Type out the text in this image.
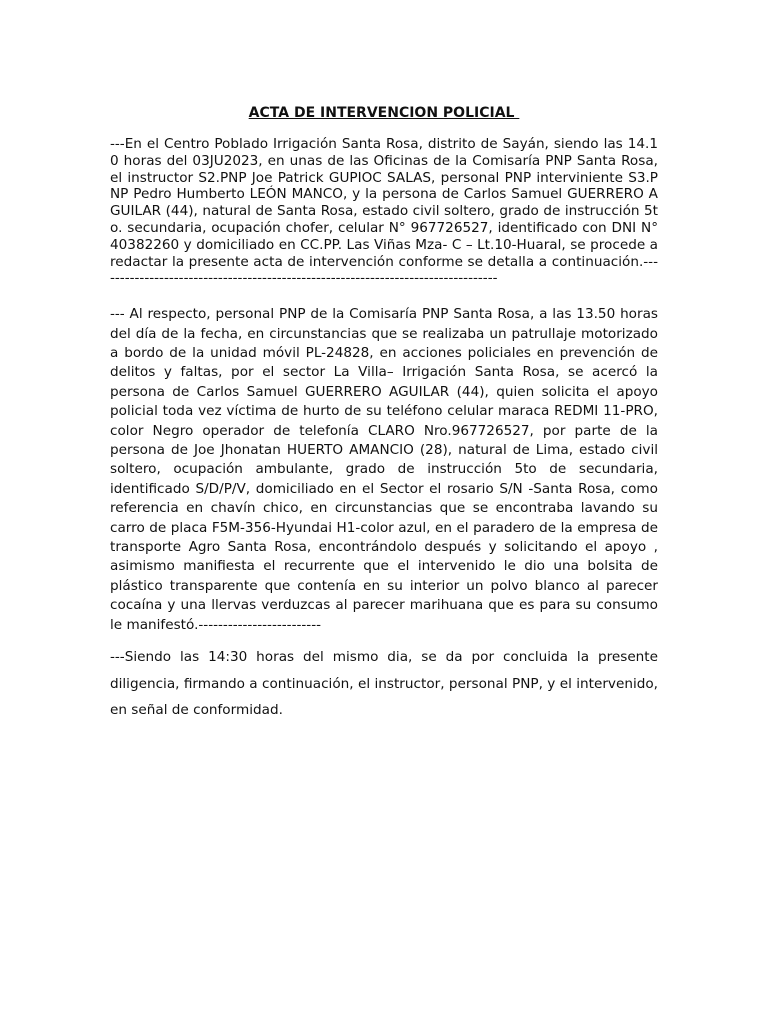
ACTA DE INTERVENCION POLICIAL

---En el Centro Poblado Irrigación Santa Rosa, distrito de Sayán, siendo las 14.10 horas del 03JU2023, en unas de las Oficinas de la Comisaría PNP Santa Rosa, el instructor S2.PNP Joe Patrick GUPIOC SALAS, personal PNP interviniente S3.PNP Pedro Humberto LEÓN MANCO, y la persona de Carlos Samuel GUERRERO AGUILAR (44), natural de Santa Rosa, estado civil soltero, grado de instrucción 5to. secundaria, ocupación chofer, celular N° 967726527, identificado con DNI N° 40382260 y domiciliado en CC.PP. Las Viñas Mza- C – Lt.10-Huaral, se procede a redactar la presente acta de intervención conforme se detalla a continuación.----------------------------------------------------------------------------------

--- Al respecto, personal PNP de la Comisaría PNP Santa Rosa, a las 13.50 horas del día de la fecha, en circunstancias que se realizaba un patrullaje motorizado a bordo de la unidad móvil PL-24828, en acciones policiales en prevención de delitos y faltas, por el sector La Villa– Irrigación Santa Rosa, se acercó la persona de Carlos Samuel GUERRERO AGUILAR (44), quien solicita el apoyo policial toda vez víctima de hurto de su teléfono celular maraca REDMI 11-PRO, color Negro operador de telefonía CLARO Nro.967726527, por parte de la persona de Joe Jhonatan HUERTO AMANCIO (28), natural de Lima, estado civil soltero, ocupación ambulante, grado de instrucción 5to de secundaria, identificado S/D/P/V, domiciliado en el Sector el rosario S/N -Santa Rosa, como referencia en chavín chico, en circunstancias que se encontraba lavando su carro de placa F5M-356-Hyundai H1-color azul, en el paradero de la empresa de transporte Agro Santa Rosa, encontrándolo después y solicitando el apoyo , asimismo manifiesta el recurrente que el intervenido le dio una bolsita de plástico transparente que contenía en su interior un polvo blanco al parecer cocaína y una llervas verduzcas al parecer marihuana que es para su consumo le manifestó.-------------------------

---Siendo las 14:30 horas del mismo dia, se da por concluida la presente diligencia, firmando a continuación, el instructor, personal PNP, y el intervenido, en señal de conformidad.
